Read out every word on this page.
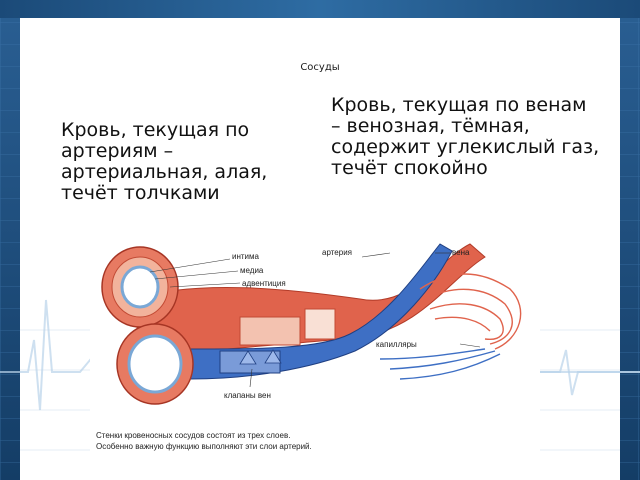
Сосуды
Кровь, текущая по артериям – артериальная, алая, течёт толчками
Кровь, текущая по венам – венозная, тёмная, содержит углекислый газ, течёт спокойно
интима
медиа
адвентиция
артерия	вена
капилляры
клапаны вен
Стенки кровеносных сосудов состоят из трех слоев.
Особенно важную функцию выполняют эти слои артерий.
